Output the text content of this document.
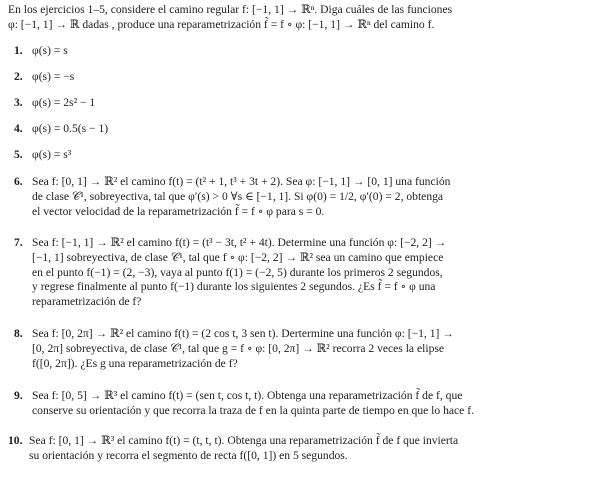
En los ejercicios 1–5, considere el camino regular f: [−1, 1] → ℝⁿ. Diga cuáles de las funciones
φ: [−1, 1] → ℝ dadas , produce una reparametrización f̃ = f ∘ φ: [−1, 1] → ℝⁿ del camino f.
1. φ(s) = s
2. φ(s) = −s
3. φ(s) = 2s² − 1
4. φ(s) = 0.5(s − 1)
5. φ(s) = s³
6. Sea f: [0, 1] → ℝ² el camino f(t) = (t² + 1, t³ + 3t + 2). Sea φ: [−1, 1] → [0, 1] una función
de clase 𝒞¹, sobreyectiva, tal que φ′(s) > 0 ∀s ∈ [−1, 1]. Si φ(0) = 1/2, φ′(0) = 2, obtenga
el vector velocidad de la reparametrización f̃ = f ∘ φ para s = 0.
7. Sea f: [−1, 1] → ℝ² el camino f(t) = (t³ − 3t, t² + 4t). Determine una función φ: [−2, 2] →
[−1, 1] sobreyectiva, de clase 𝒞¹, tal que f ∘ φ: [−2, 2] → ℝ² sea un camino que empiece
en el punto f(−1) = (2, −3), vaya al punto f(1) = (−2, 5) durante los primeros 2 segundos,
y regrese finalmente al punto f(−1) durante los siguientes 2 segundos. ¿Es f̃ = f ∘ φ una
reparametrización de f?
8. Sea f: [0, 2π] → ℝ² el camino f(t) = (2 cos t, 3 sen t). Dertermine una función φ: [−1, 1] →
[0, 2π] sobreyectiva, de clase 𝒞¹, tal que g = f ∘ φ: [0, 2π] → ℝ² recorra 2 veces la elipse
f([0, 2π]). ¿Es g una reparametrización de f?
9. Sea f: [0, 5] → ℝ³ el camino f(t) = (sen t, cos t, t). Obtenga una reparametrización f̃ de f, que
conserve su orientación y que recorra la traza de f en la quinta parte de tiempo en que lo hace f.
10. Sea f: [0, 1] → ℝ³ el camino f(t) = (t, t, t). Obtenga una reparametrización f̃ de f que invierta
su orientación y recorra el segmento de recta f([0, 1]) en 5 segundos.
